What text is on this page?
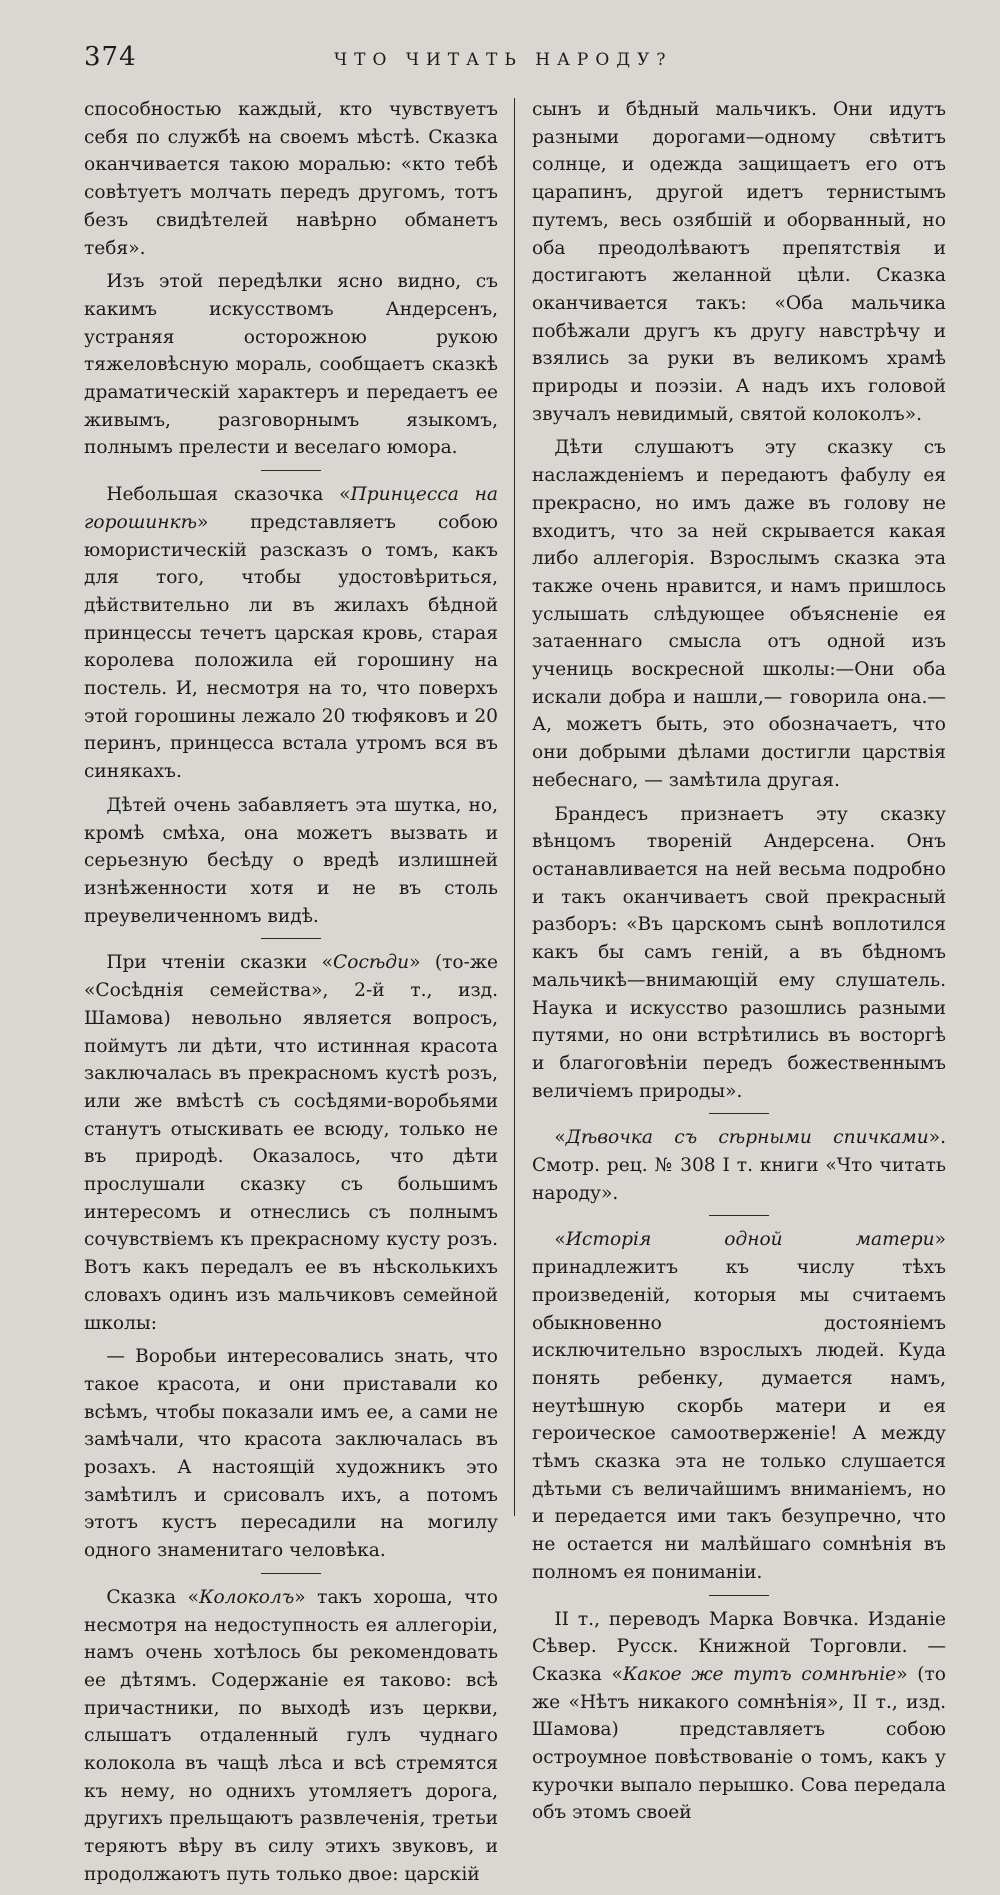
374	ЧТО ЧИТАТЬ НАРОДУ?

способностью каждый, кто чувствуетъ себя по службѣ на своемъ мѣстѣ. Сказка оканчивается такою моралью: «кто тебѣ совѣтуетъ молчать передъ другомъ, тотъ безъ свидѣтелей навѣрно обманетъ тебя».

Изъ этой передѣлки ясно видно, съ какимъ искусствомъ Андерсенъ, устраняя осторожною рукою тяжеловѣсную мораль, сообщаетъ сказкѣ драматическій характеръ и передаетъ ее живымъ, разговорнымъ языкомъ, полнымъ прелести и веселаго юмора.

Небольшая сказочка «Принцесса на горошинкѣ» представляетъ собою юмористическій разсказъ о томъ, какъ для того, чтобы удостовѣриться, дѣйствительно ли въ жилахъ бѣдной принцессы течетъ царская кровь, старая королева положила ей горошину на постель. И, несмотря на то, что поверхъ этой горошины лежало 20 тюфяковъ и 20 перинъ, принцесса встала утромъ вся въ синякахъ.

Дѣтей очень забавляетъ эта шутка, но, кромѣ смѣха, она можетъ вызвать и серьезную бесѣду о вредѣ излишней изнѣженности хотя и не въ столь преувеличенномъ видѣ.

При чтеніи сказки «Сосѣди» (то-же «Сосѣднія семейства», 2-й т., изд. Шамова) невольно является вопросъ, поймутъ ли дѣти, что истинная красота заключалась въ прекрасномъ кустѣ розъ, или же вмѣстѣ съ сосѣдями-воробьями станутъ отыскивать ее всюду, только не въ природѣ. Оказалось, что дѣти прослушали сказку съ большимъ интересомъ и отнеслись съ полнымъ сочувствіемъ къ прекрасному кусту розъ. Вотъ какъ передалъ ее въ нѣсколькихъ словахъ одинъ изъ мальчиковъ семейной школы:

— Воробьи интересовались знать, что такое красота, и они приставали ко всѣмъ, чтобы показали имъ ее, а сами не замѣчали, что красота заключалась въ розахъ. А настоящій художникъ это замѣтилъ и срисовалъ ихъ, а потомъ этотъ кустъ пересадили на могилу одного знаменитаго человѣка.

Сказка «Колоколъ» такъ хороша, что несмотря на недоступность ея аллегоріи, намъ очень хотѣлось бы рекомендовать ее дѣтямъ. Содержаніе ея таково: всѣ причастники, по выходѣ изъ церкви, слышатъ отдаленный гулъ чуднаго колокола въ чащѣ лѣса и всѣ стремятся къ нему, но однихъ утомляетъ дорога, другихъ прельщаютъ развлеченія, третьи теряютъ вѣру въ силу этихъ звуковъ, и продолжаютъ путь только двое: царскій

сынъ и бѣдный мальчикъ. Они идутъ разными дорогами—одному свѣтитъ солнце, и одежда защищаетъ его отъ царапинъ, другой идетъ тернистымъ путемъ, весь озябшій и оборванный, но оба преодолѣваютъ препятствія и достигаютъ желанной цѣли. Сказка оканчивается такъ: «Оба мальчика побѣжали другъ къ другу навстрѣчу и взялись за руки въ великомъ храмѣ природы и поэзіи. А надъ ихъ головой звучалъ невидимый, святой колоколъ».

Дѣти слушаютъ эту сказку съ наслажденіемъ и передаютъ фабулу ея прекрасно, но имъ даже въ голову не входитъ, что за ней скрывается какая либо аллегорія. Взрослымъ сказка эта также очень нравится, и намъ пришлось услышать слѣдующее объясненіе ея затаеннаго смысла отъ одной изъ учениць воскресной школы:—Они оба искали добра и нашли,— говорила она.—А, можетъ быть, это обозначаетъ, что они добрыми дѣлами достигли царствія небеснаго, — замѣтила другая.

Брандесъ признаетъ эту сказку вѣнцомъ твореній Андерсена. Онъ останавливается на ней весьма подробно и такъ оканчиваетъ свой прекрасный разборъ: «Въ царскомъ сынѣ воплотился какъ бы самъ геній, а въ бѣдномъ мальчикѣ—внимающій ему слушатель. Наука и искусство разошлись разными путями, но они встрѣтились въ восторгѣ и благоговѣніи передъ божественнымъ величіемъ природы».

«Дѣвочка съ сѣрными спичками». Смотр. рец. № 308 I т. книги «Что читать народу».

«Исторія одной матери» принадлежитъ къ числу тѣхъ произведеній, которыя мы считаемъ обыкновенно достояніемъ исключительно взрослыхъ людей. Куда понять ребенку, думается намъ, неутѣшную скорбь матери и ея героическое самоотверженіе! А между тѣмъ сказка эта не только слушается дѣтьми съ величайшимъ вниманіемъ, но и передается ими такъ безупречно, что не остается ни малѣйшаго сомнѣнія въ полномъ ея пониманіи.

II т., переводъ Марка Вовчка. Изданіе Сѣвер. Русск. Книжной Торговли. — Сказка «Какое же тутъ сомнѣніе» (то же «Нѣтъ никакого сомнѣнія», II т., изд. Шамова) представляетъ собою остроумное повѣствованіе о томъ, какъ у курочки выпало перышко. Сова передала объ этомъ своей
